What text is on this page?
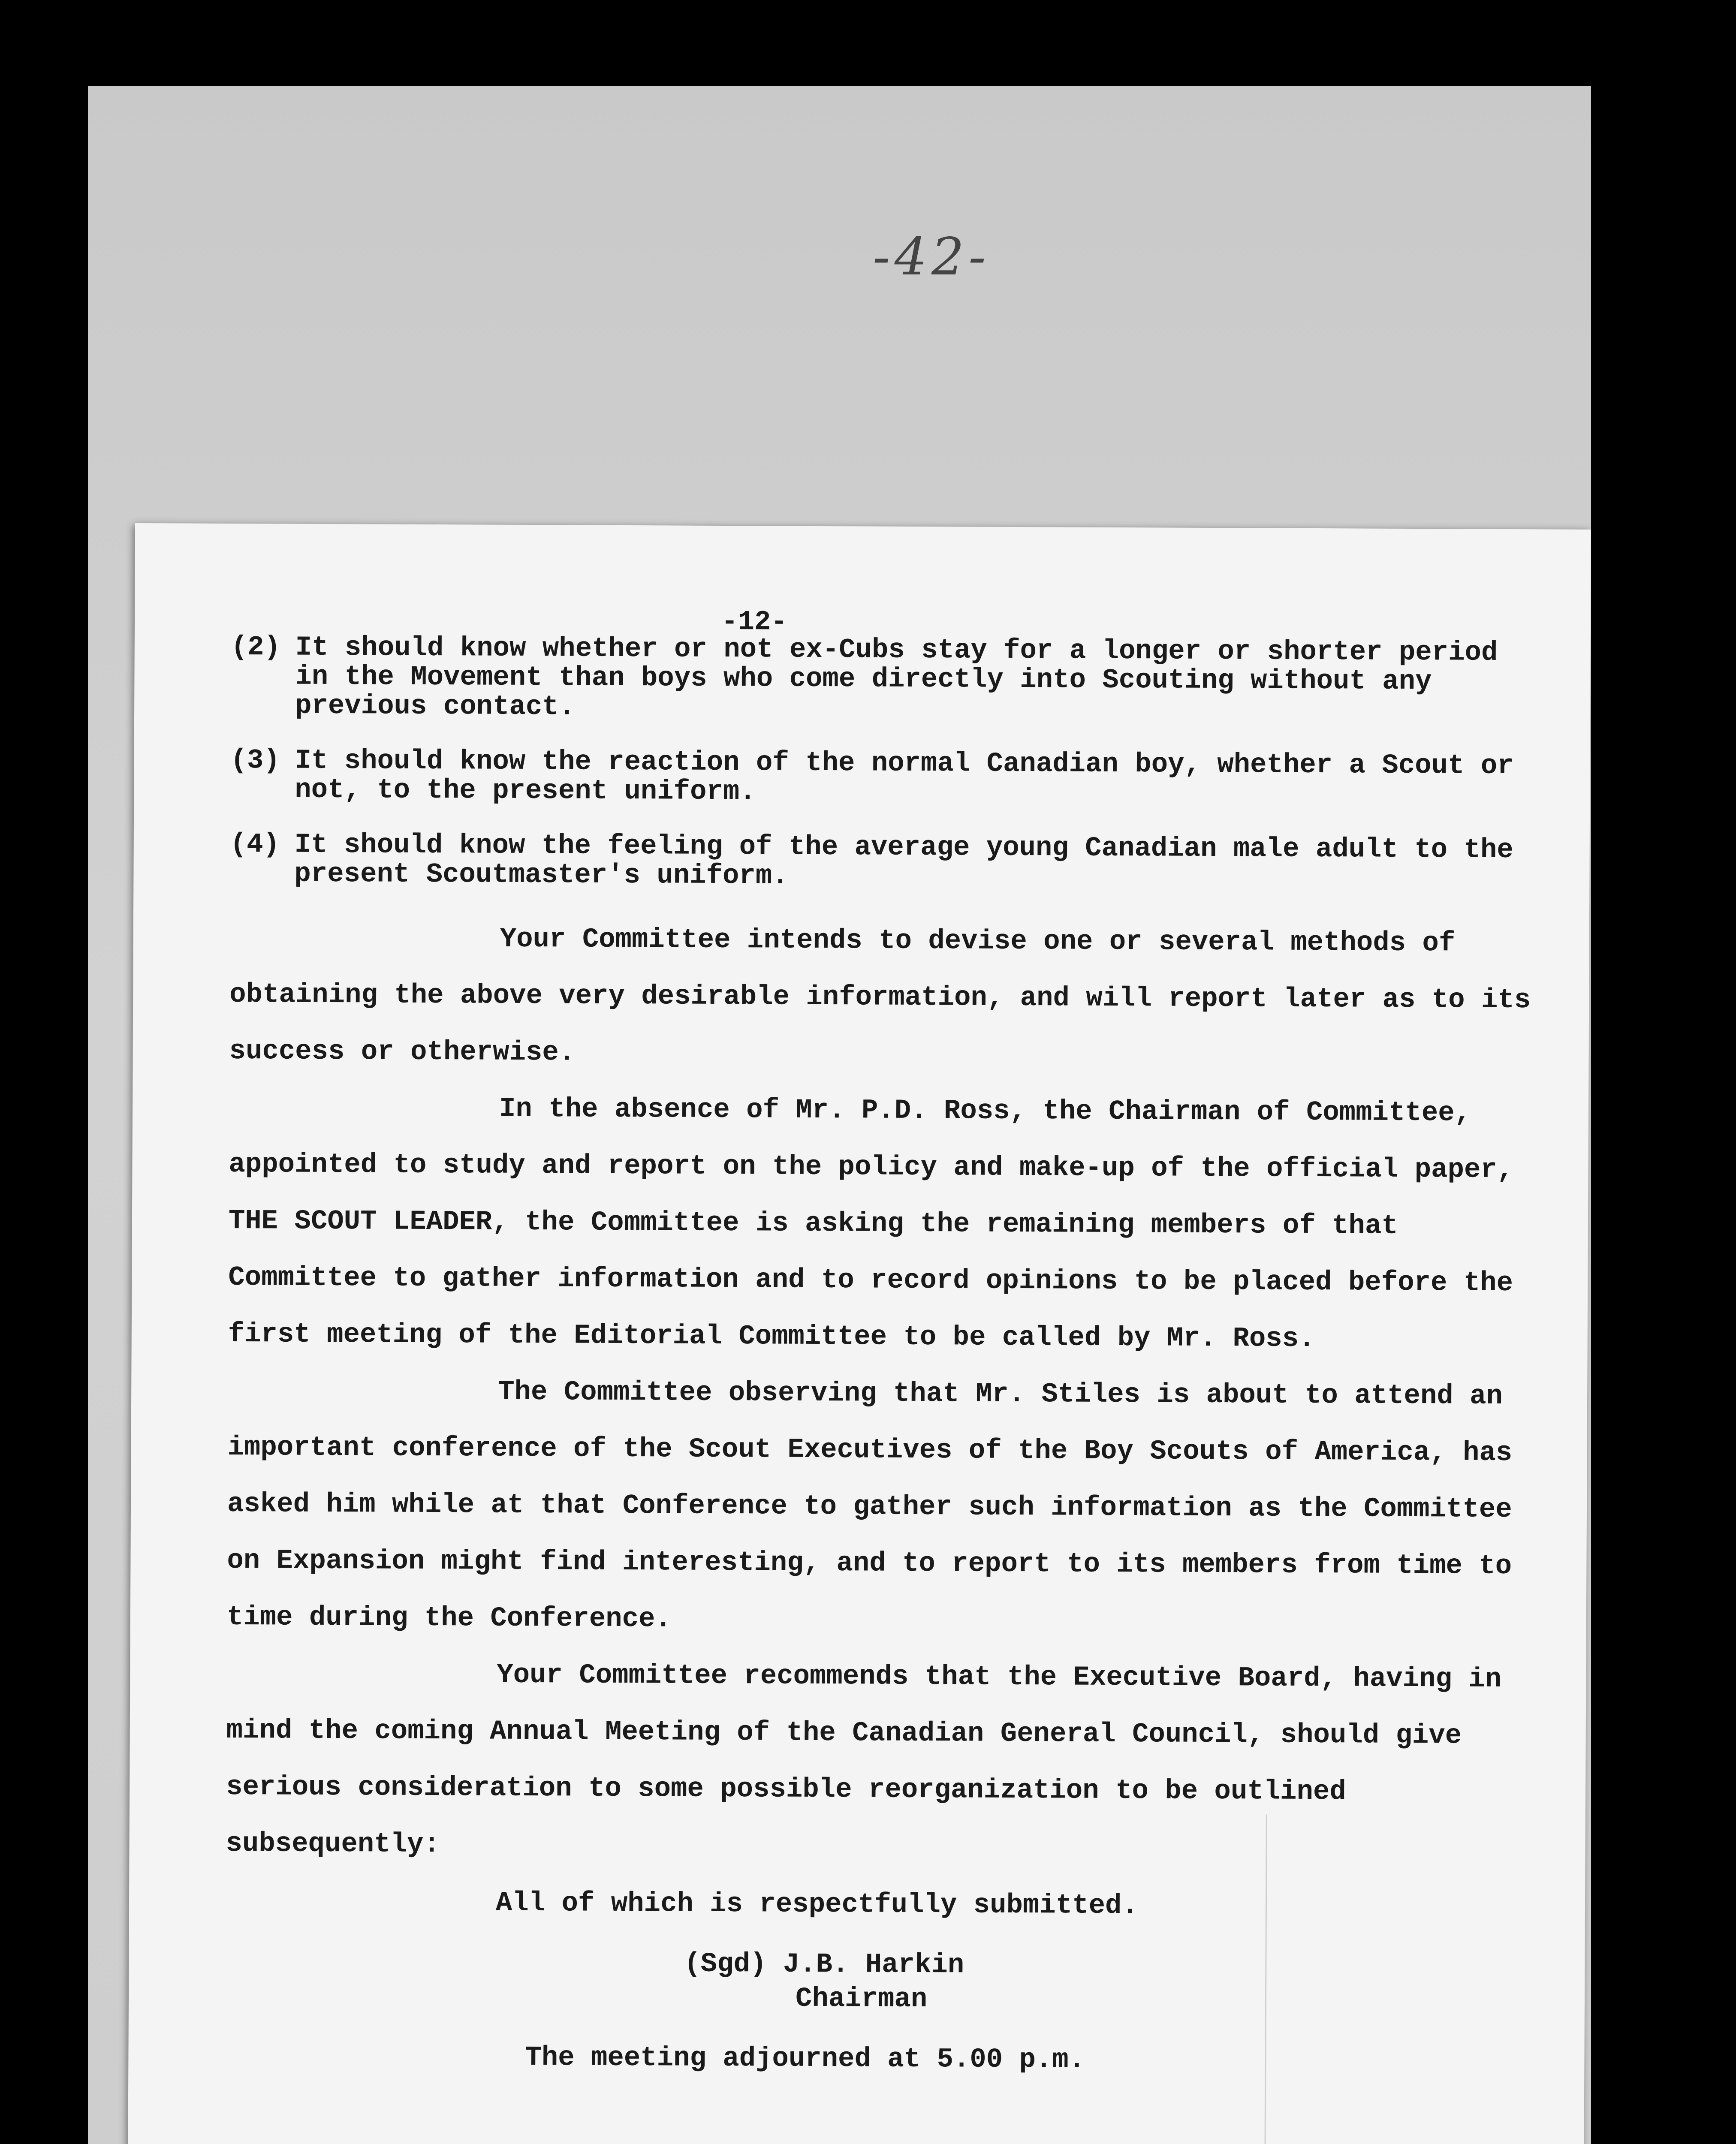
-42-
-12-
(2) It should know whether or not ex-Cubs stay for a longer or shorter period in the Movement than boys who come directly into Scouting without any previous contact.
(3) It should know the reaction of the normal Canadian boy, whether a Scout or not, to the present uniform.
(4) It should know the feeling of the average young Canadian male adult to the present Scoutmaster's uniform.

Your Committee intends to devise one or several methods of obtaining the above very desirable information, and will report later as to its success or otherwise.

In the absence of Mr. P.D. Ross, the Chairman of Committee, appointed to study and report on the policy and make-up of the official paper, THE SCOUT LEADER, the Committee is asking the remaining members of that Committee to gather information and to record opinions to be placed before the first meeting of the Editorial Committee to be called by Mr. Ross.

The Committee observing that Mr. Stiles is about to attend an important conference of the Scout Executives of the Boy Scouts of America, has asked him while at that Conference to gather such information as the Committee on Expansion might find interesting, and to report to its members from time to time during the Conference.

Your Committee recommends that the Executive Board, having in mind the coming Annual Meeting of the Canadian General Council, should give serious consideration to some possible reorganization to be outlined subsequently:

All of which is respectfully submitted.
(Sgd) J.B. Harkin
Chairman
The meeting adjourned at 5.00 p.m.
